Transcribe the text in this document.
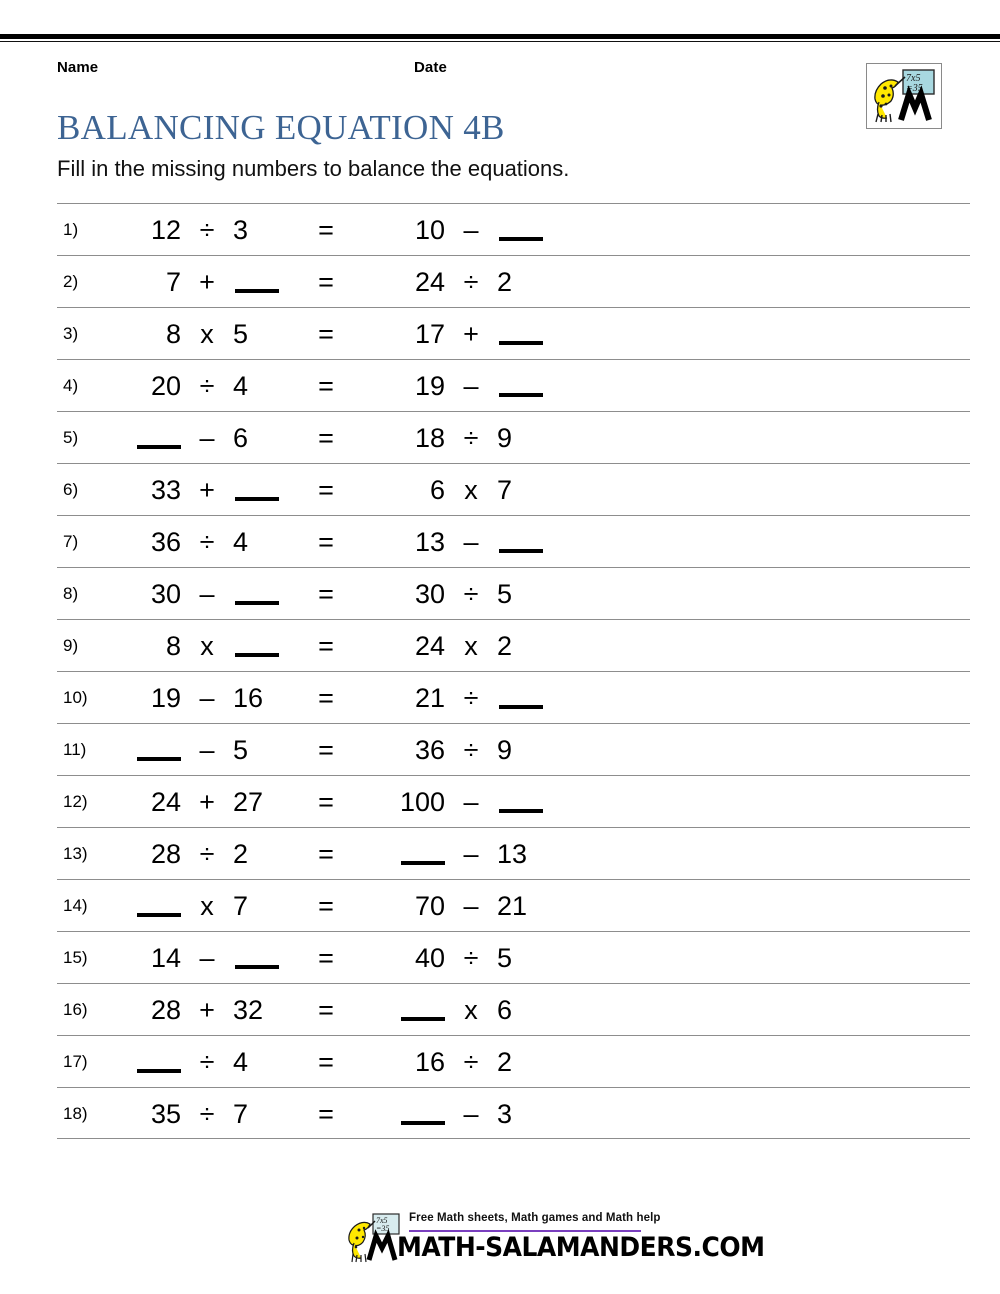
Name	Date
BALANCING EQUATION 4B
Fill in the missing numbers to balance the equations.
7x5
=35
1)	12 ÷ 3	=	10 –
2)	7 +	=	24 ÷ 2
3)	8 x 5	=	17 +
4)	20 ÷ 4	=	19 –
5)	– 6	=	18 ÷ 9
6)	33 +	=	6 x 7
7)	36 ÷ 4	=	13 –
8)	30 –	=	30 ÷ 5
9)	8 x	=	24 x 2
10)	19 – 16	=	21 ÷
11)	– 5	=	36 ÷ 9
12)	24 + 27	=	100 –
13)	28 ÷ 2	=	– 13
14)	x 7	=	70 – 21
15)	14 –	=	40 ÷ 5
16)	28 + 32	=	x 6
17)	÷ 4	=	16 ÷ 2
18)	35 ÷ 7	=	– 3
7x5
=35
Free Math sheets, Math games and Math help
MATH-SALAMANDERS.COM
